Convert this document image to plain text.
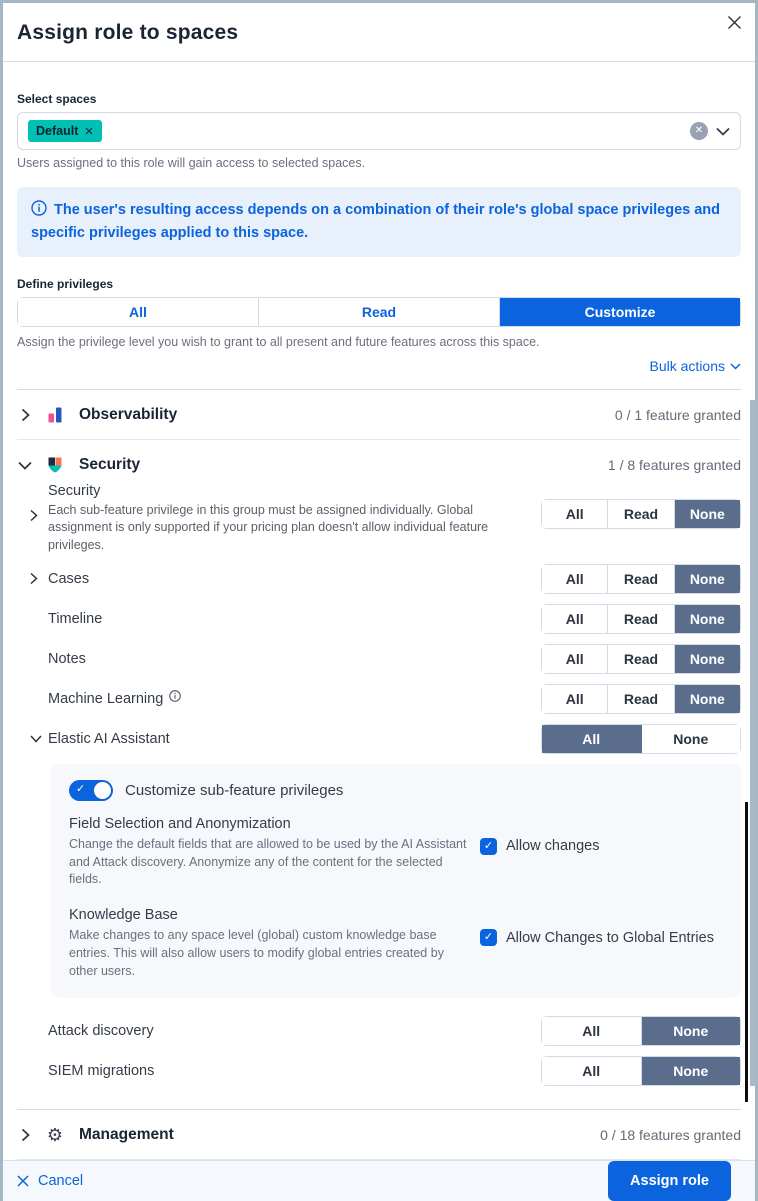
Assign role to spaces
Select spaces
Default ✕	✕
Users assigned to this role will gain access to selected spaces.
The user's resulting access depends on a combination of their role's global space privileges and specific privileges applied to this space.
Define privileges
All	Read	Customize
Assign the privilege level you wish to grant to all present and future features across this space.
Bulk actions
Observability	0 / 1 feature granted
Security	1 / 8 features granted
Security
Each sub-feature privilege in this group must be assigned individually. Global assignment is only supported if your pricing plan doesn't allow individual feature privileges.
All	Read	None
Cases	All	Read	None
Timeline	All	Read	None
Notes	All	Read	None
Machine Learning	All	Read	None
Elastic AI Assistant	All	None
✓	Customize sub-feature privileges
Field Selection and Anonymization
Change the default fields that are allowed to be used by the AI Assistant and Attack discovery. Anonymize any of the content for the selected fields.
✓ Allow changes
Knowledge Base
Make changes to any space level (global) custom knowledge base entries. This will also allow users to modify global entries created by other users.
✓ Allow Changes to Global Entries
Attack discovery	All	None
SIEM migrations	All	None
⚙ Management	0 / 18 features granted
Cancel	Assign role
